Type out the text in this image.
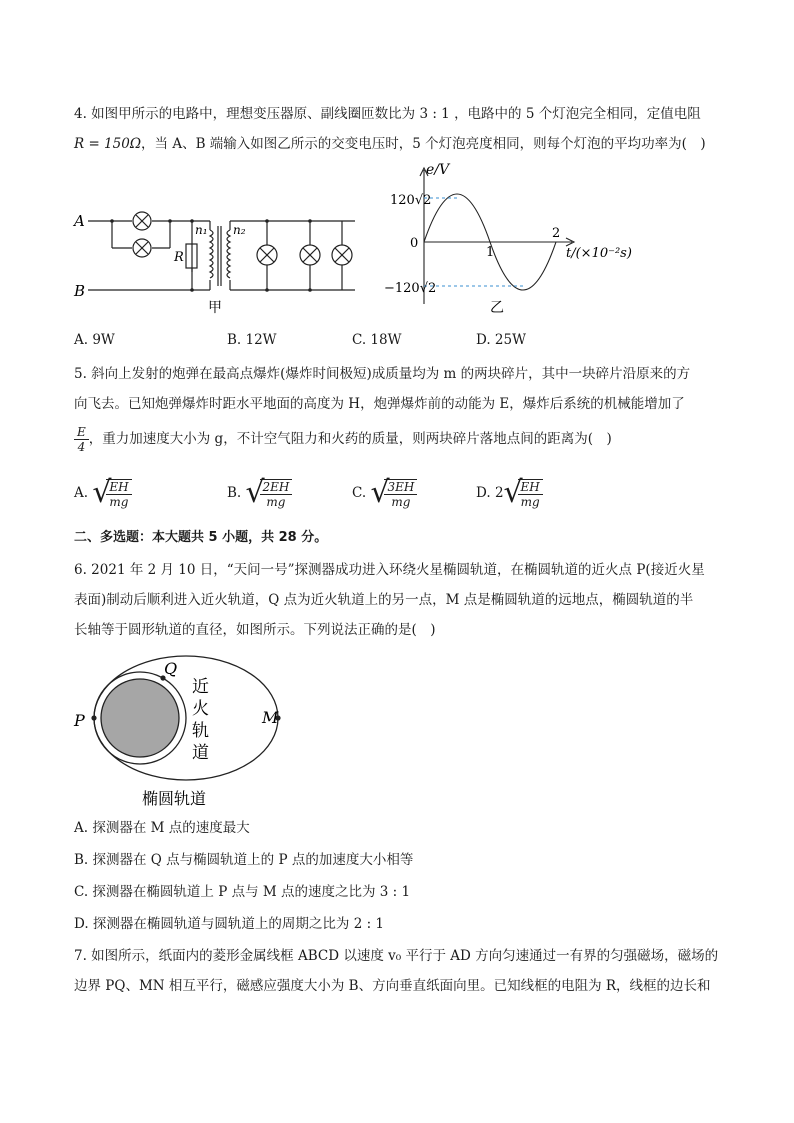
4. 如图甲所示的电路中，理想变压器原、副线圈匝数比为 3 : 1 ，电路中的 5 个灯泡完全相同，定值电阻
R = 150Ω，当 A、B 端输入如图乙所示的交变电压时，5 个灯泡亮度相同，则每个灯泡的平均功率为(　)
A
B
R
n₁ n₂
甲
e/V
120√2
−120√2
0
1
2
t/(×10⁻²s)
乙
A. 9W	B. 12W	C. 18W	D. 25W
5. 斜向上发射的炮弹在最高点爆炸(爆炸时间极短)成质量均为 m 的两块碎片，其中一块碎片沿原来的方
向飞去。已知炮弹爆炸时距水平地面的高度为 H，炮弹爆炸前的动能为 E，爆炸后系统的机械能增加了
$\frac{E}{4}$ ，重力加速度大小为 g，不计空气阻力和火药的质量，则两块碎片落地点间的距离为(　)
A. √
$\frac{EH}{mg}$	B. √
$\frac{2EH}{mg}$	C. √
$\frac{3EH}{mg}$	D. 2 √
$\frac{EH}{mg}$
二、多选题：本大题共 5 小题，共 28 分。
6. 2021 年 2 月 10 日，“天问一号”探测器成功进入环绕火星椭圆轨道，在椭圆轨道的近火点 P(接近火星
表面)制动后顺利进入近火轨道，Q 点为近火轨道上的另一点，M 点是椭圆轨道的远地点，椭圆轨道的半
长轴等于圆形轨道的直径，如图所示。下列说法正确的是(　)
P
Q
M
近
火
轨
道
椭圆轨道
A. 探测器在 M 点的速度最大
B. 探测器在 Q 点与椭圆轨道上的 P 点的加速度大小相等
C. 探测器在椭圆轨道上 P 点与 M 点的速度之比为 3 : 1
D. 探测器在椭圆轨道与圆轨道上的周期之比为 2 : 1
7. 如图所示，纸面内的菱形金属线框 ABCD 以速度 v₀ 平行于 AD 方向匀速通过一有界的匀强磁场，磁场的
边界 PQ、MN 相互平行，磁感应强度大小为 B、方向垂直纸面向里。已知线框的电阻为 R，线框的边长和
